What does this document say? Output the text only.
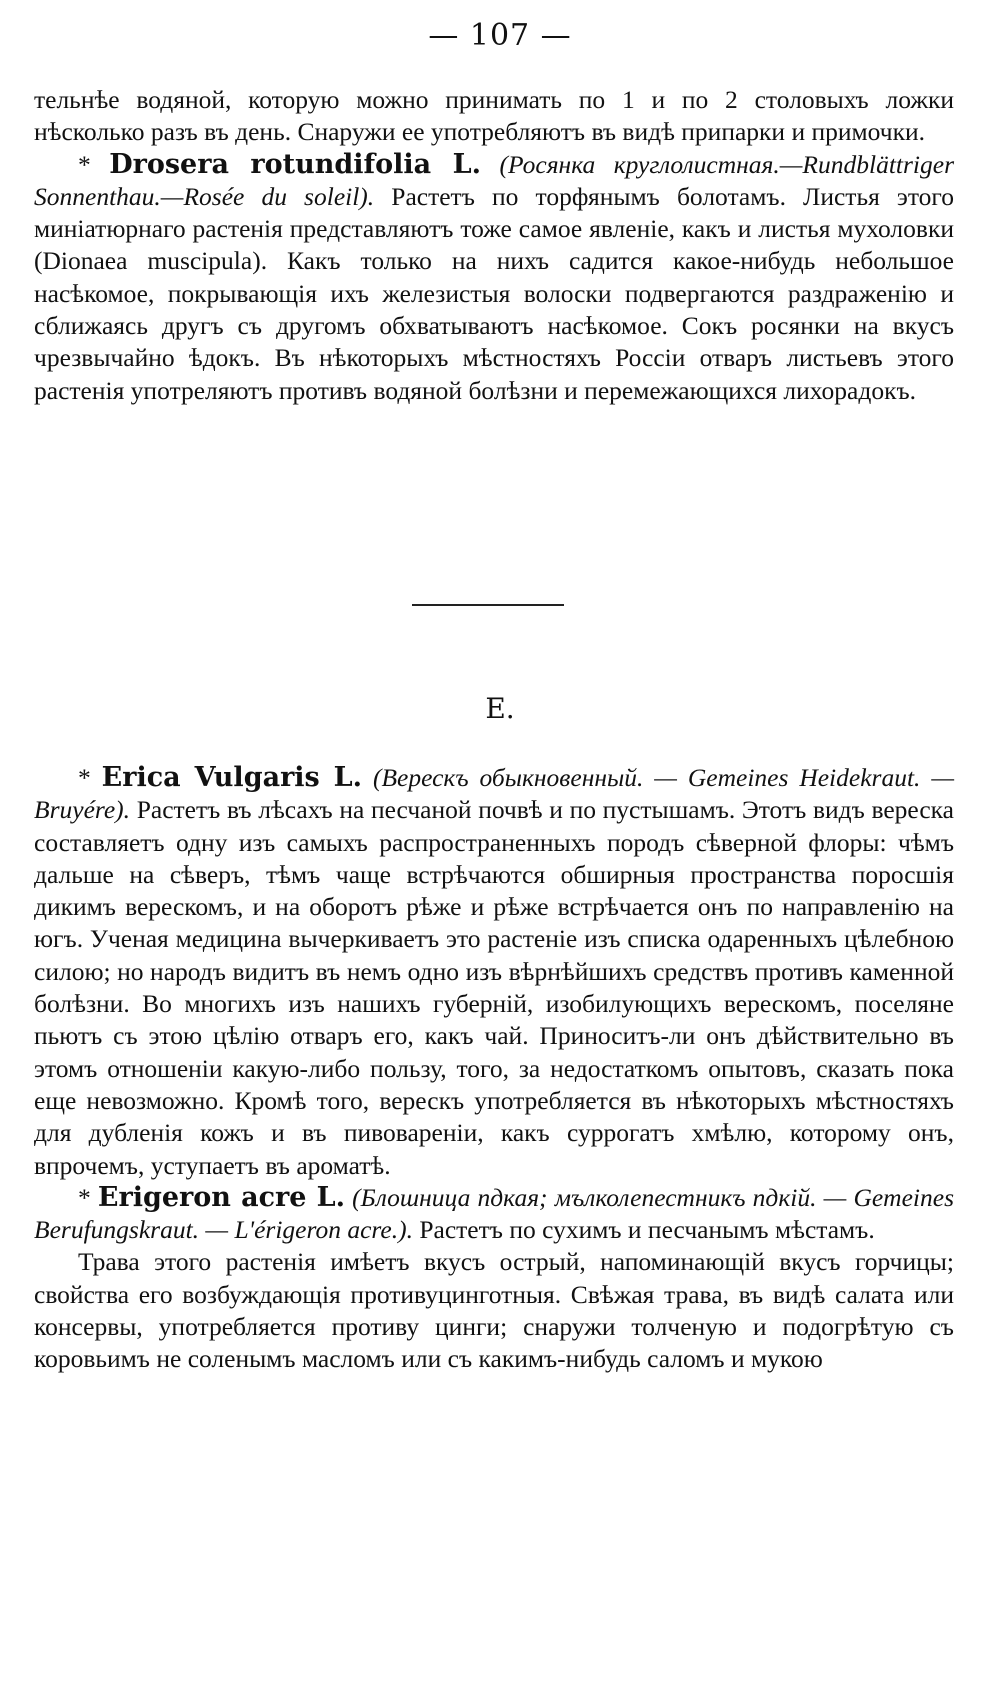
— 107 —

тельнѣе водяной, которую можно принимать по 1 и по 2 столовыхъ ложки нѣсколько разъ въ день. Снаружи ее употребляютъ въ видѣ припарки и примочки.

* Drosera rotundifolia L. (Росянка круглолистная.—Rundblättriger Sonnenthau.—Rosée du soleil). Растетъ по торфянымъ болотамъ. Листья этого миніатюрнаго растенія представляютъ тоже самое явленіе, какъ и листья мухоловки (Dionaea muscipula). Какъ только на нихъ садится какое-нибудь небольшое насѣкомое, покрывающія ихъ железистыя волоски подвергаются раздраженію и сближаясь другъ съ другомъ обхватываютъ насѣкомое. Сокъ росянки на вкусъ чрезвычайно ѣдокъ. Въ нѣкоторыхъ мѣстностяхъ Россіи отваръ листьевъ этого растенія употреляютъ противъ водяной болѣзни и перемежающихся лихорадокъ.

E.

* Erica Vulgaris L. (Верескъ обыкновенный. — Gemeines Heidekraut. — Bruyére). Растетъ въ лѣсахъ на песчаной почвѣ и по пустышамъ. Этотъ видъ вереска составляетъ одну изъ самыхъ распространенныхъ породъ сѣверной флоры: чѣмъ дальше на сѣверъ, тѣмъ чаще встрѣчаются обширныя пространства поросшія дикимъ верескомъ, и на оборотъ рѣже и рѣже встрѣчается онъ по направленію на югъ. Ученая медицина вычеркиваетъ это растеніе изъ списка одаренныхъ цѣлебною силою; но народъ видитъ въ немъ одно изъ вѣрнѣйшихъ средствъ противъ каменной болѣзни. Во многихъ изъ нашихъ губерній, изобилующихъ верескомъ, поселяне пьютъ съ этою цѣлію отваръ его, какъ чай. Приноситъ-ли онъ дѣйствительно въ этомъ отношеніи какую-либо пользу, того, за недостаткомъ опытовъ, сказать пока еще невозможно. Кромѣ того, верескъ употребляется въ нѣкоторыхъ мѣстностяхъ для дубленія кожъ и въ пивовареніи, какъ суррогатъ хмѣлю, которому онъ, впрочемъ, уступаетъ въ ароматѣ.

* Erigeron acre L. (Блошница пдкая; мълколепестникъ пдкій. — Gemeines Berufungskraut. — L'érigeron acre.). Растетъ по сухимъ и песчанымъ мѣстамъ.

Трава этого растенія имѣетъ вкусъ острый, напоминающій вкусъ горчицы; свойства его возбуждающія противуцинготныя. Свѣжая трава, въ видѣ салата или консервы, употребляется противу цинги; снаружи толченую и подогрѣтую съ коровьимъ не соленымъ масломъ или съ какимъ-нибудь саломъ и мукою
